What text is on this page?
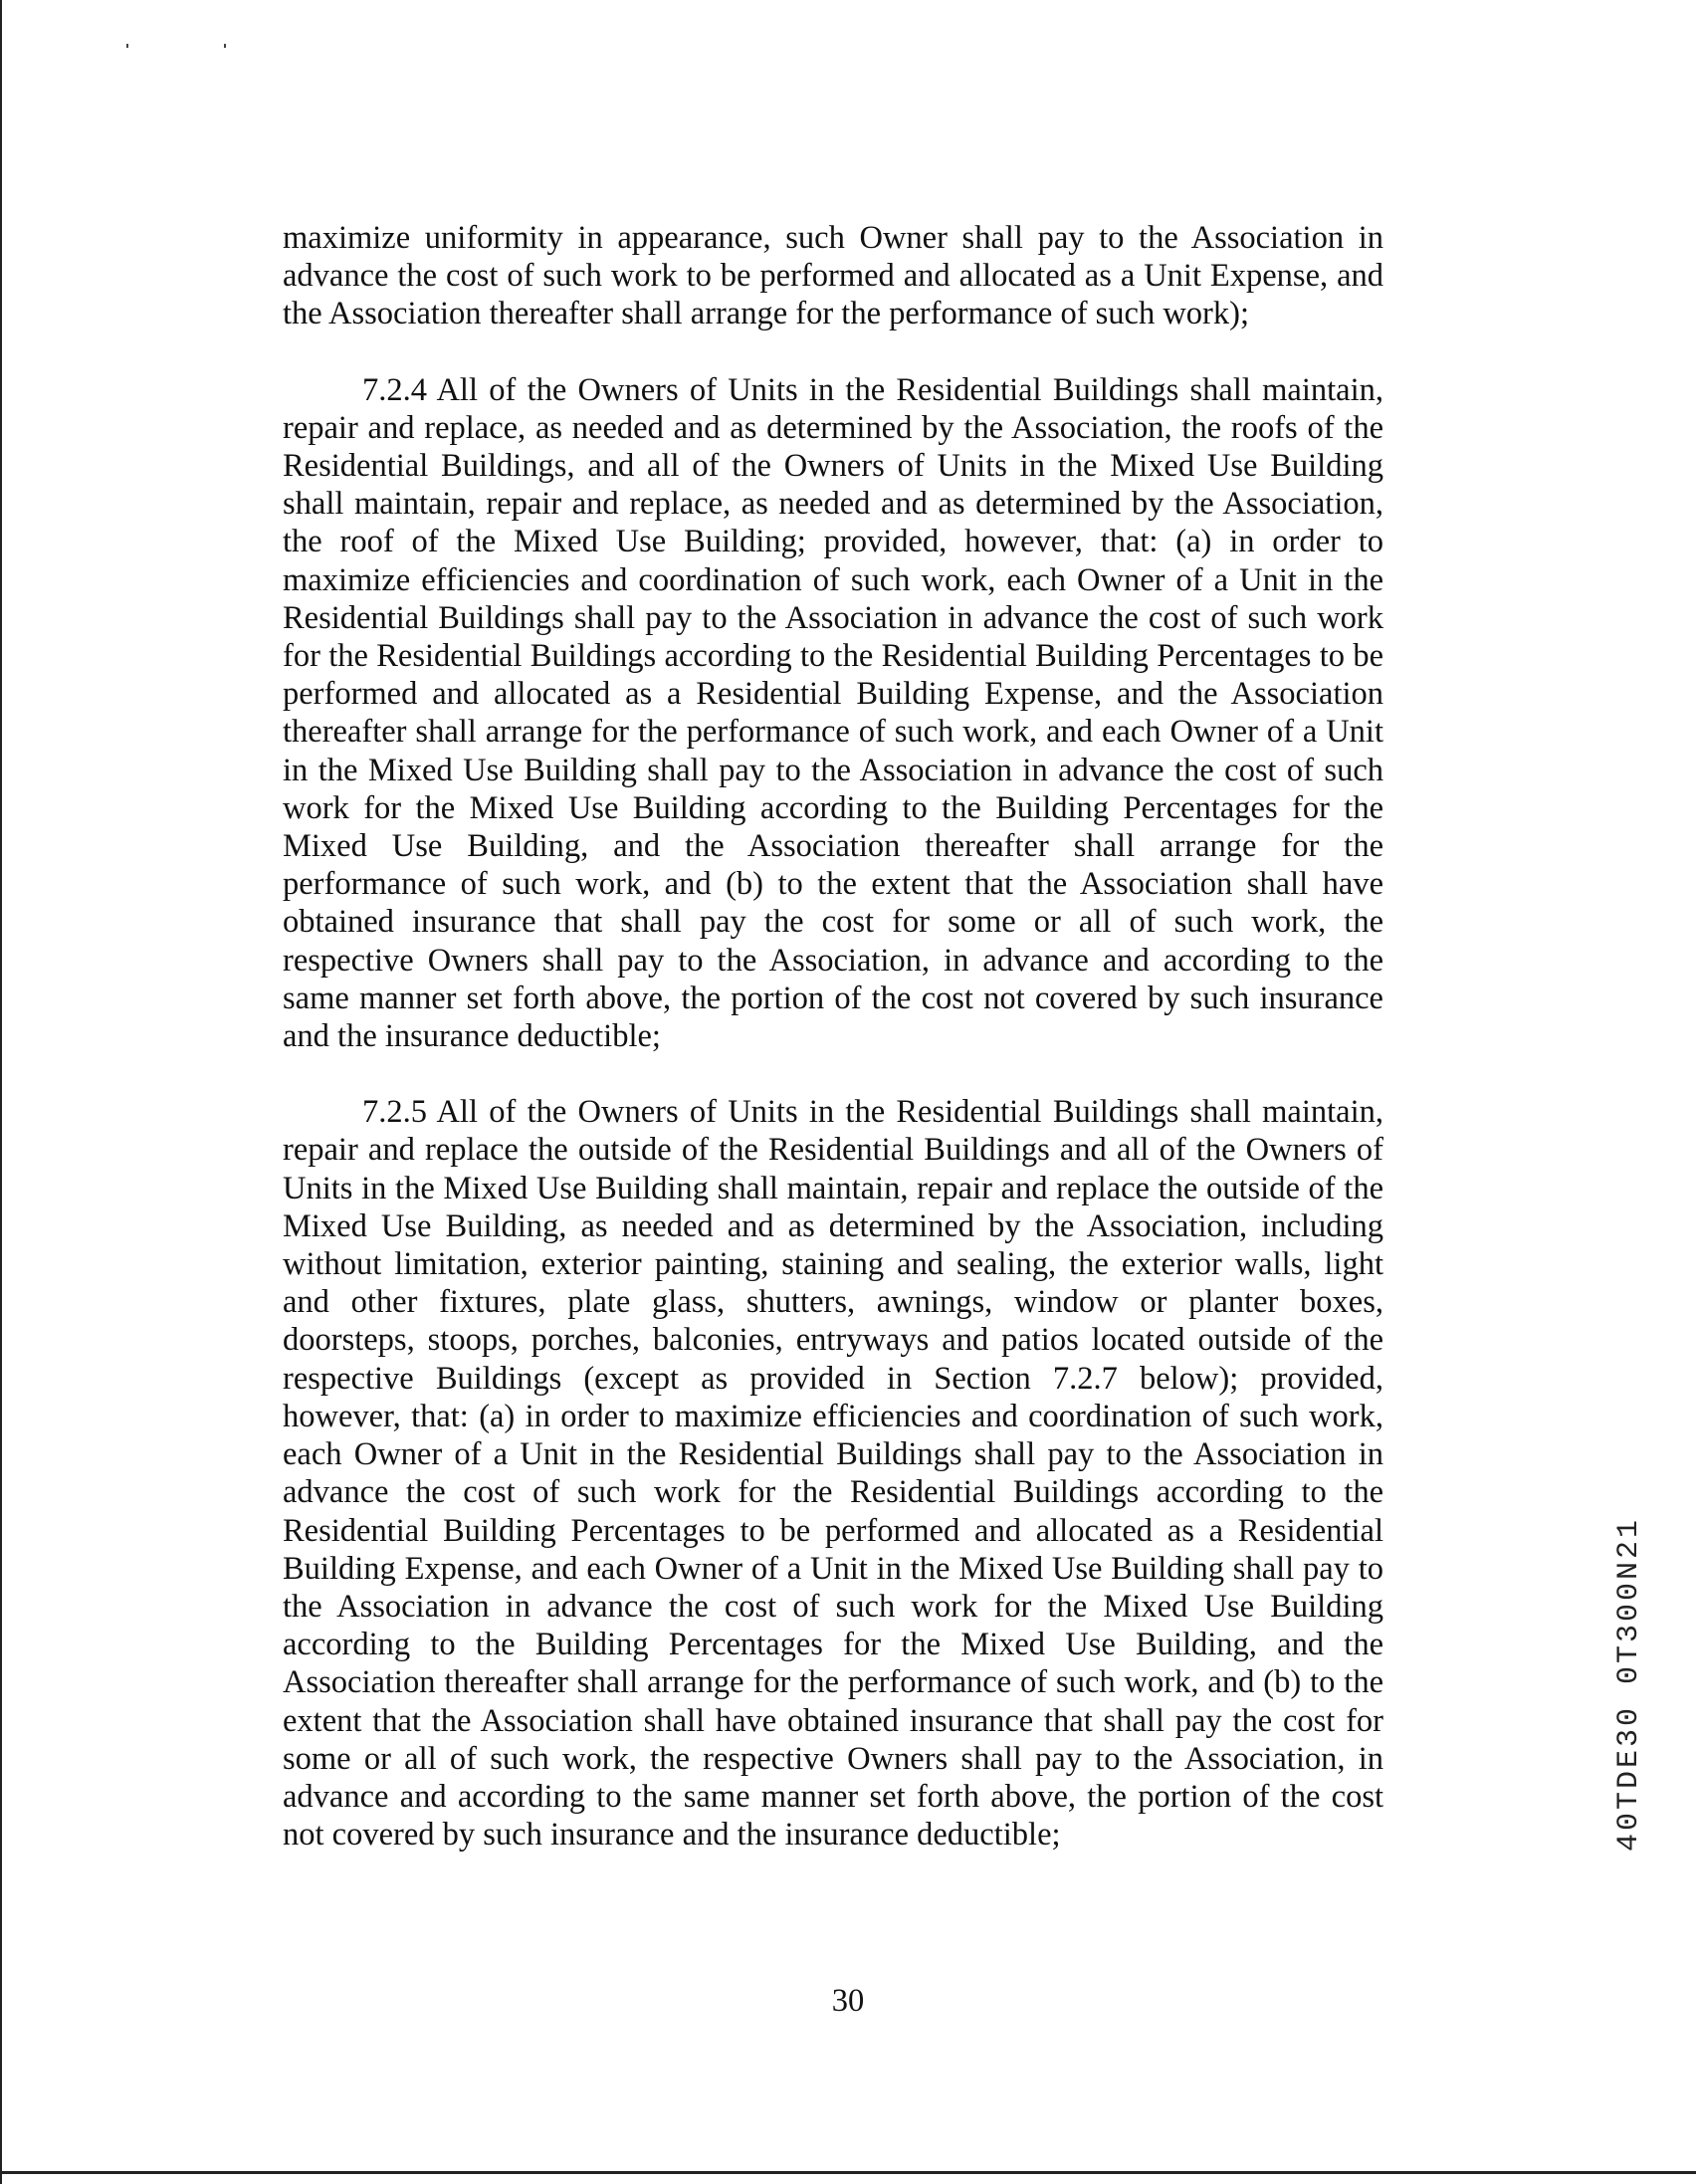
maximize uniformity in appearance, such Owner shall pay to the Association in advance the cost of such work to be performed and allocated as a Unit Expense, and the Association thereafter shall arrange for the performance of such work);

7.2.4 All of the Owners of Units in the Residential Buildings shall maintain, repair and replace, as needed and as determined by the Association, the roofs of the Residential Buildings, and all of the Owners of Units in the Mixed Use Building shall maintain, repair and replace, as needed and as determined by the Association, the roof of the Mixed Use Building; provided, however, that: (a) in order to maximize efficiencies and coordination of such work, each Owner of a Unit in the Residential Buildings shall pay to the Association in advance the cost of such work for the Residential Buildings according to the Residential Building Percentages to be performed and allocated as a Residential Building Expense, and the Association thereafter shall arrange for the performance of such work, and each Owner of a Unit in the Mixed Use Building shall pay to the Association in advance the cost of such work for the Mixed Use Building according to the Building Percentages for the Mixed Use Building, and the Association thereafter shall arrange for the performance of such work, and (b) to the extent that the Association shall have obtained insurance that shall pay the cost for some or all of such work, the respective Owners shall pay to the Association, in advance and according to the same manner set forth above, the portion of the cost not covered by such insurance and the insurance deductible;

7.2.5 All of the Owners of Units in the Residential Buildings shall maintain, repair and replace the outside of the Residential Buildings and all of the Owners of Units in the Mixed Use Building shall maintain, repair and replace the outside of the Mixed Use Building, as needed and as determined by the Association, including without limitation, exterior painting, staining and sealing, the exterior walls, light and other fixtures, plate glass, shutters, awnings, window or planter boxes, doorsteps, stoops, porches, balconies, entryways and patios located outside of the respective Buildings (except as provided in Section 7.2.7 below); provided, however, that: (a) in order to maximize efficiencies and coordination of such work, each Owner of a Unit in the Residential Buildings shall pay to the Association in advance the cost of such work for the Residential Buildings according to the Residential Building Percentages to be performed and allocated as a Residential Building Expense, and each Owner of a Unit in the Mixed Use Building shall pay to the Association in advance the cost of such work for the Mixed Use Building according to the Building Percentages for the Mixed Use Building, and the Association thereafter shall arrange for the performance of such work, and (b) to the extent that the Association shall have obtained insurance that shall pay the cost for some or all of such work, the respective Owners shall pay to the Association, in advance and according to the same manner set forth above, the portion of the cost not covered by such insurance and the insurance deductible;

30
40TDE30 0T300N21
